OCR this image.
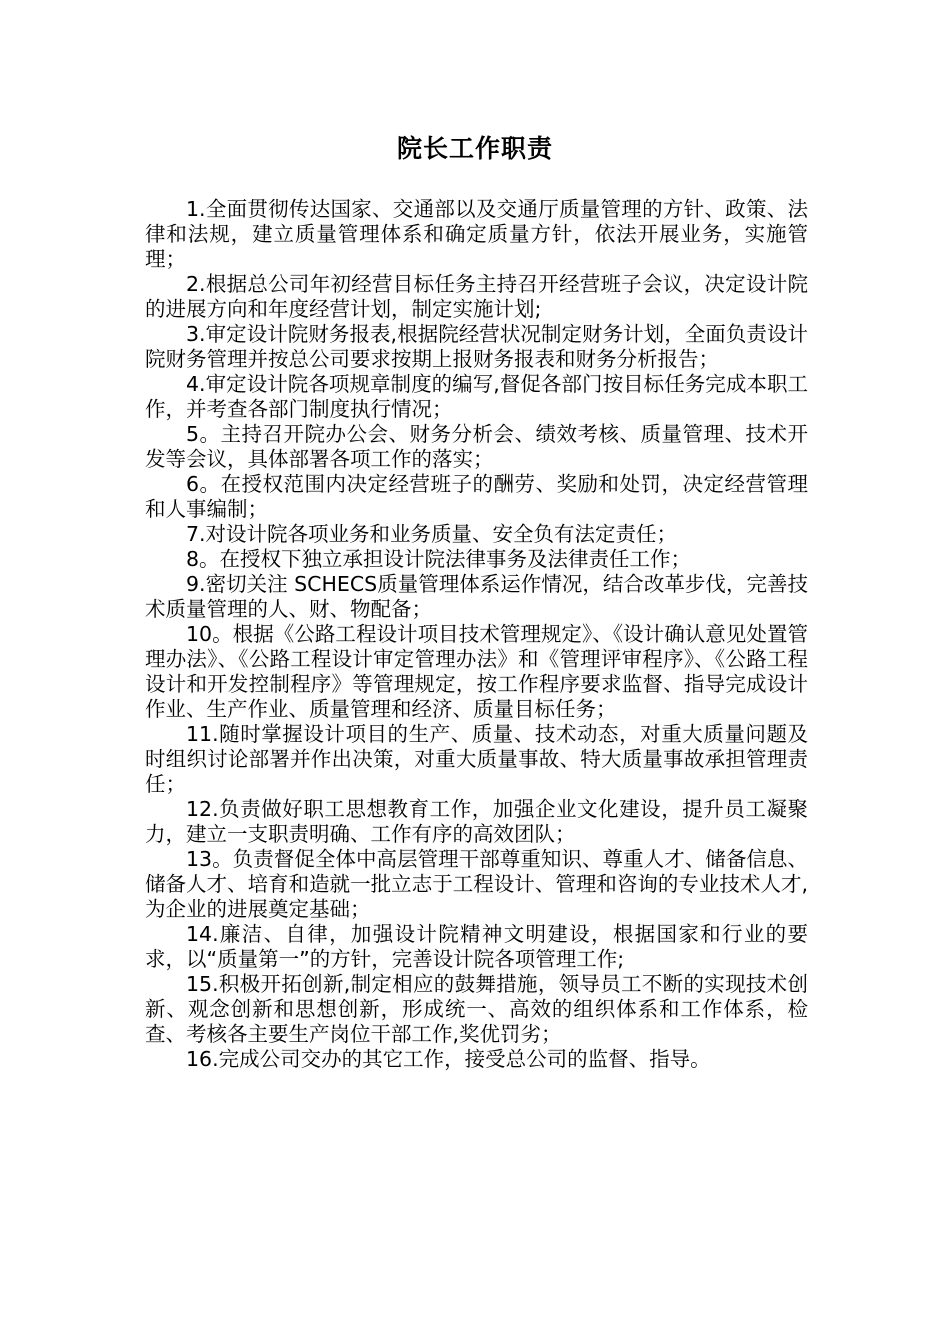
院长工作职责

1.全面贯彻传达国家、交通部以及交通厅质量管理的方针、政策、法律和法规，建立质量管理体系和确定质量方针，依法开展业务，实施管理；

2.根据总公司年初经营目标任务主持召开经营班子会议，决定设计院的进展方向和年度经营计划，制定实施计划;

3.审定设计院财务报表,根据院经营状况制定财务计划，全面负责设计院财务管理并按总公司要求按期上报财务报表和财务分析报告；

4.审定设计院各项规章制度的编写,督促各部门按目标任务完成本职工作，并考查各部门制度执行情况；

5。主持召开院办公会、财务分析会、绩效考核、质量管理、技术开发等会议，具体部署各项工作的落实；

6。在授权范围内决定经营班子的酬劳、奖励和处罚，决定经营管理和人事编制；

7.对设计院各项业务和业务质量、安全负有法定责任；

8。在授权下独立承担设计院法律事务及法律责任工作；

9.密切关注 SCHECS质量管理体系运作情况，结合改革步伐，完善技术质量管理的人、财、物配备；

10。根据《公路工程设计项目技术管理规定》、《设计确认意见处置管理办法》、《公路工程设计审定管理办法》和《管理评审程序》、《公路工程设计和开发控制程序》等管理规定，按工作程序要求监督、指导完成设计作业、生产作业、质量管理和经济、质量目标任务；

11.随时掌握设计项目的生产、质量、技术动态，对重大质量问题及时组织讨论部署并作出决策，对重大质量事故、特大质量事故承担管理责任；

12.负责做好职工思想教育工作，加强企业文化建设，提升员工凝聚力，建立一支职责明确、工作有序的高效团队；

13。负责督促全体中高层管理干部尊重知识、尊重人才、储备信息、储备人才、培育和造就一批立志于工程设计、管理和咨询的专业技术人才,为企业的进展奠定基础；

14.廉洁、自律，加强设计院精神文明建设，根据国家和行业的要求，以“质量第一”的方针，完善设计院各项管理工作;

15.积极开拓创新,制定相应的鼓舞措施，领导员工不断的实现技术创新、观念创新和思想创新，形成统一、高效的组织体系和工作体系，检查、考核各主要生产岗位干部工作,奖优罚劣；

16.完成公司交办的其它工作，接受总公司的监督、指导。
